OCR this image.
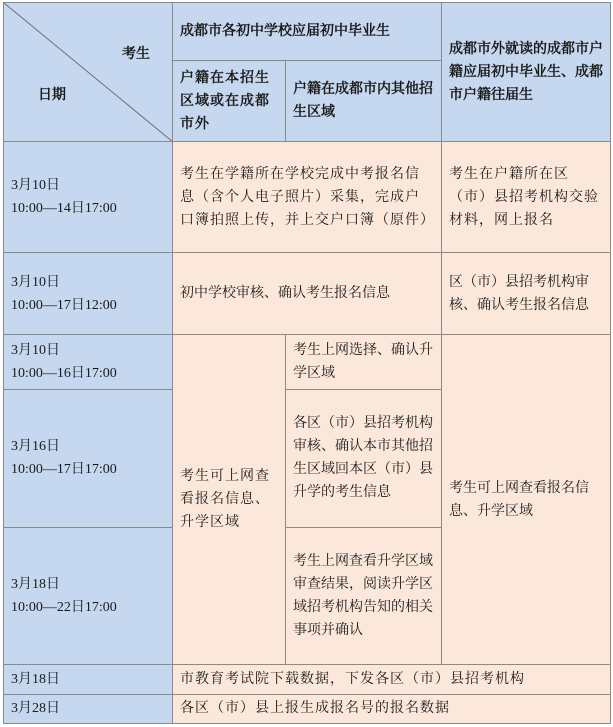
考生
日期	成都市各初中学校应届初中毕业生		成都市外就读的成都市户籍应届初中毕业生、成都市户籍往届生
	户籍在本招生区域或在成都市外	户籍在成都市内其他招生区域	

3月10日
10:00—14日17:00	考生在学籍所在学校完成中考报名信息（含个人电子照片）采集，完成户口簿拍照上传，并上交户口簿（原件）		考生在户籍所在区（市）县招考机构交验材料，网上报名

3月10日
10:00—17日12:00	初中学校审核、确认考生报名信息		区（市）县招考机构审核、确认考生报名信息

3月10日
10:00—16日17:00	考生可上网查看报名信息、升学区域	考生上网选择、确认升学区域	考生可上网查看报名信息、升学区域

3月16日
10:00—17日17:00		各区（市）县招考机构审核、确认本市其他招生区域回本区（市）县升学的考生信息	

3月18日
10:00—22日17:00		考生上网查看升学区域审查结果，阅读升学区域招考机构告知的相关事项并确认	

3月18日	市教育考试院下载数据，下发各区（市）县招考机构		

3月28日	各区（市）县上报生成报名号的报名数据		
